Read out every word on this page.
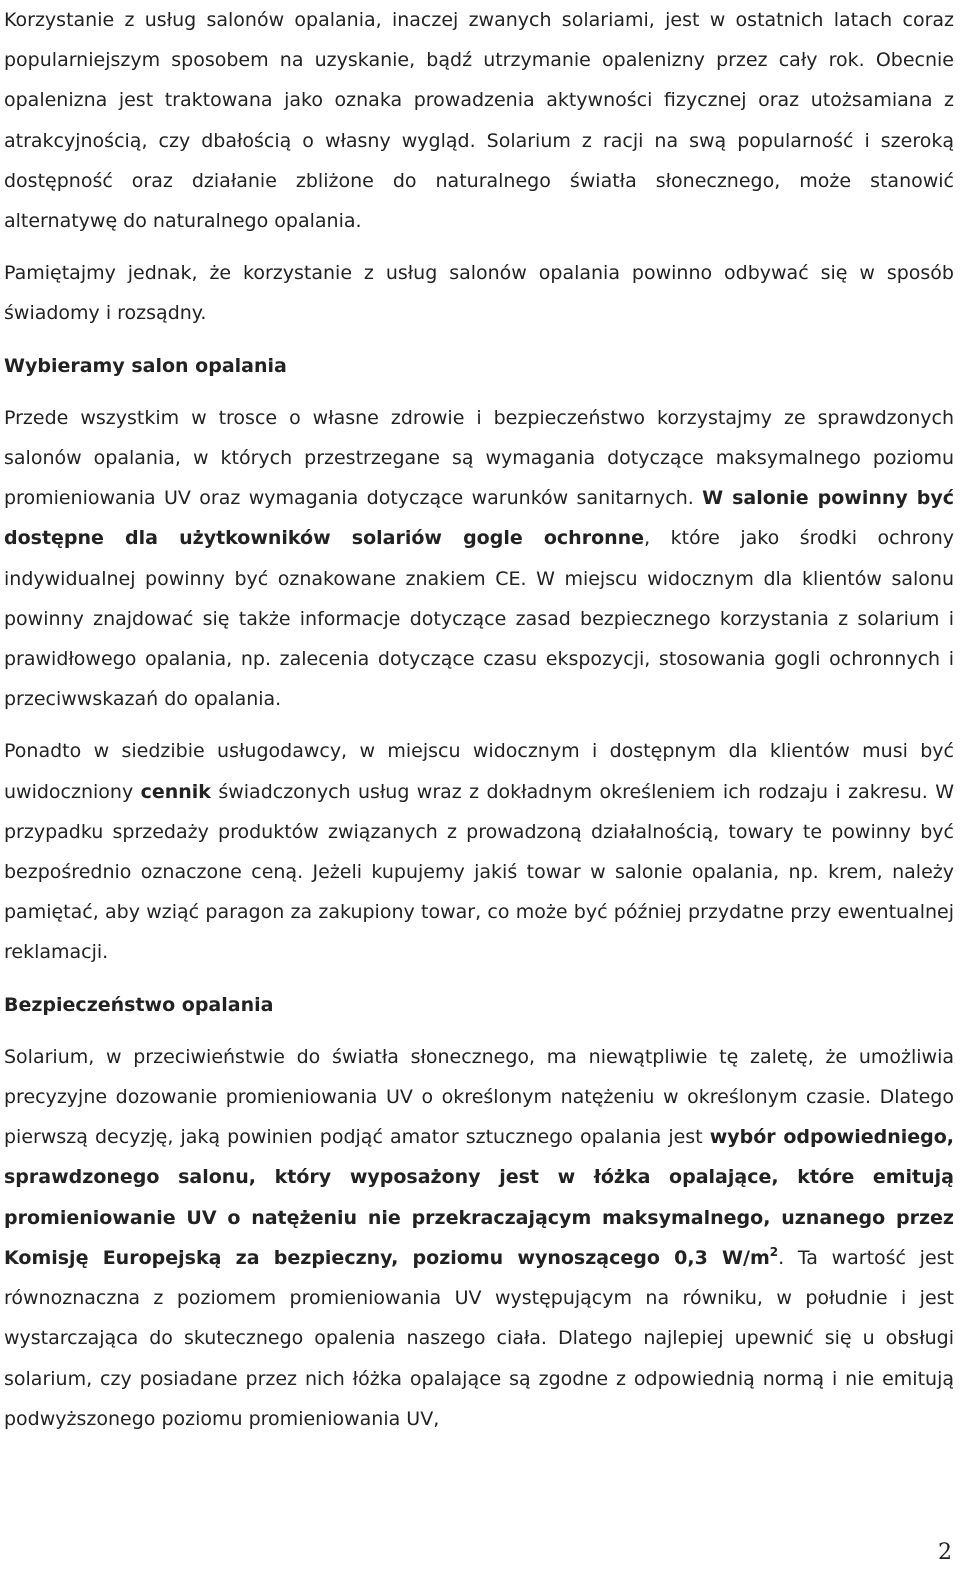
Korzystanie z usług salonów opalania, inaczej zwanych solariami, jest w ostatnich latach coraz popularniejszym sposobem na uzyskanie, bądź utrzymanie opalenizny przez cały rok. Obecnie opalenizna jest traktowana jako oznaka prowadzenia aktywności fizycznej oraz utożsamiana z atrakcyjnością, czy dbałością o własny wygląd. Solarium z racji na swą popularność i szeroką dostępność oraz działanie zbliżone do naturalnego światła słonecznego, może stanowić alternatywę do naturalnego opalania.

Pamiętajmy jednak, że korzystanie z usług salonów opalania powinno odbywać się w sposób świadomy i rozsądny.

Wybieramy salon opalania

Przede wszystkim w trosce o własne zdrowie i bezpieczeństwo korzystajmy ze sprawdzonych salonów opalania, w których przestrzegane są wymagania dotyczące maksymalnego poziomu promieniowania UV oraz wymagania dotyczące warunków sanitarnych. W salonie powinny być dostępne dla użytkowników solariów gogle ochronne, które jako środki ochrony indywidualnej powinny być oznakowane znakiem CE. W miejscu widocznym dla klientów salonu powinny znajdować się także informacje dotyczące zasad bezpiecznego korzystania z solarium i prawidłowego opalania, np. zalecenia dotyczące czasu ekspozycji, stosowania gogli ochronnych i przeciwwskazań do opalania.

Ponadto w siedzibie usługodawcy, w miejscu widocznym i dostępnym dla klientów musi być uwidoczniony cennik świadczonych usług wraz z dokładnym określeniem ich rodzaju i zakresu. W przypadku sprzedaży produktów związanych z prowadzoną działalnością, towary te powinny być bezpośrednio oznaczone ceną. Jeżeli kupujemy jakiś towar w salonie opalania, np. krem, należy pamiętać, aby wziąć paragon za zakupiony towar, co może być później przydatne przy ewentualnej reklamacji.

Bezpieczeństwo opalania

Solarium, w przeciwieństwie do światła słonecznego, ma niewątpliwie tę zaletę, że umożliwia precyzyjne dozowanie promieniowania UV o określonym natężeniu w określonym czasie. Dlatego pierwszą decyzję, jaką powinien podjąć amator sztucznego opalania jest wybór odpowiedniego, sprawdzonego salonu, który wyposażony jest w łóżka opalające, które emitują promieniowanie UV o natężeniu nie przekraczającym maksymalnego, uznanego przez Komisję Europejską za bezpieczny, poziomu wynoszącego 0,3 $W/m^2$. Ta wartość jest równoznaczna z poziomem promieniowania UV występującym na równiku, w południe i jest wystarczająca do skutecznego opalenia naszego ciała. Dlatego najlepiej upewnić się u obsługi solarium, czy posiadane przez nich łóżka opalające są zgodne z odpowiednią normą i nie emitują podwyższonego poziomu promieniowania UV,

2
